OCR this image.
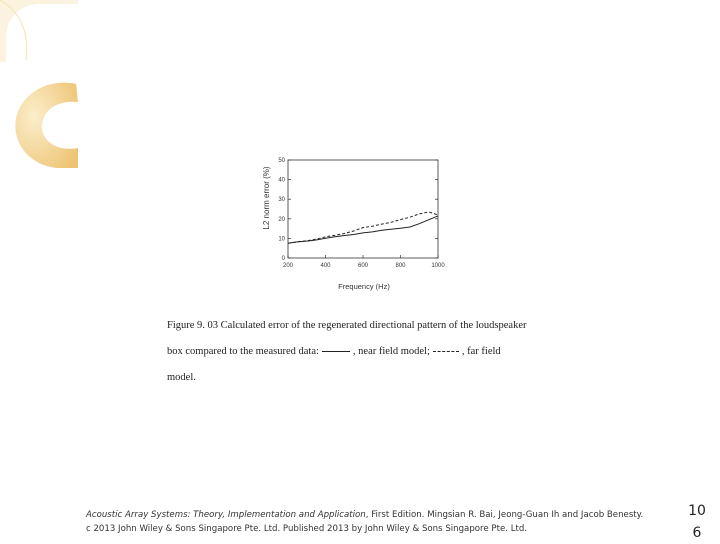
200	400	600	800	1000
0
10
20
30
40
50
L2 norm error (%)
Frequency (Hz)
Figure 9. 03 Calculated error of the regenerated directional pattern of the loudspeaker
box compared to the measured data:	, near field model;	, far field
model.
Acoustic Array Systems: Theory, Implementation and Application, First Edition. Mingsian R. Bai, Jeong-Guan Ih and Jacob Benesty.
c 2013 John Wiley & Sons Singapore Pte. Ltd. Published 2013 by John Wiley & Sons Singapore Pte. Ltd.
10 6
